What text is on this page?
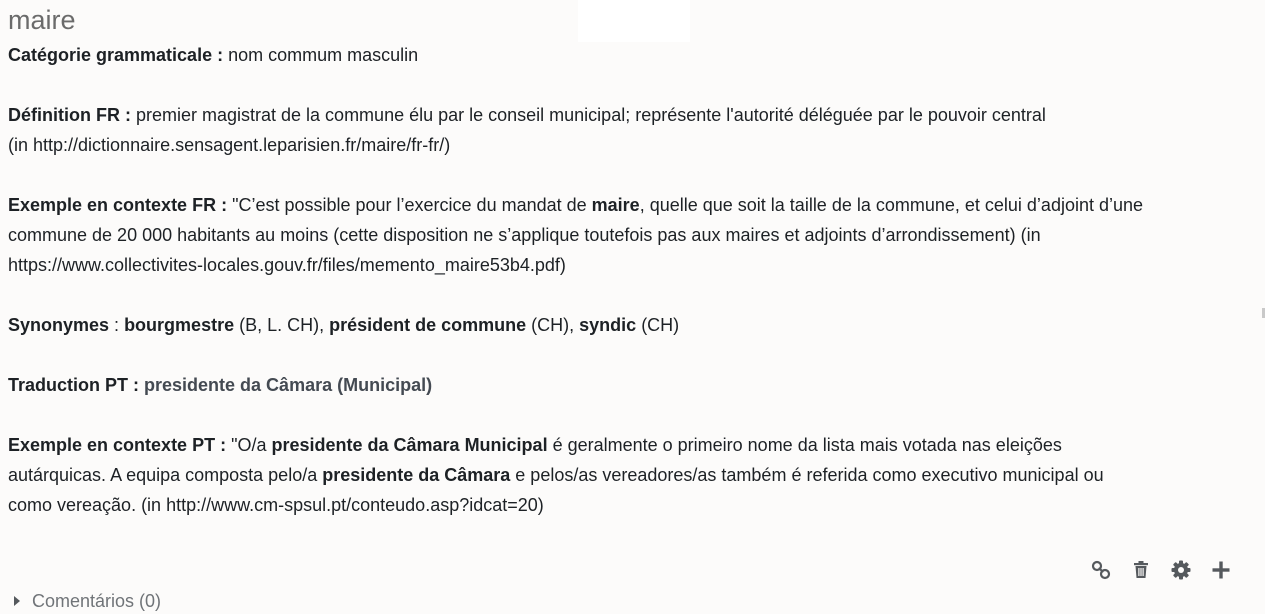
maire

Catégorie grammaticale : nom commum masculin

Définition FR : premier magistrat de la commune élu par le conseil municipal; représente l'autorité déléguée par le pouvoir central

(in http://dictionnaire.sensagent.leparisien.fr/maire/fr-fr/)

Exemple en contexte FR : "C’est possible pour l’exercice du mandat de maire, quelle que soit la taille de la commune, et celui d’adjoint d’une

commune de 20 000 habitants au moins (cette disposition ne s’applique toutefois pas aux maires et adjoints d’arrondissement) (in

https://www.collectivites-locales.gouv.fr/files/memento_maire53b4.pdf)

Synonymes : bourgmestre (B, L. CH), président de commune (CH), syndic (CH)

Traduction PT : presidente da Câmara (Municipal)

Exemple en contexte PT : "O/a presidente da Câmara Municipal é geralmente o primeiro nome da lista mais votada nas eleições

autárquicas. A equipa composta pelo/a presidente da Câmara e pelos/as vereadores/as também é referida como executivo municipal ou

como vereação. (in http://www.cm-spsul.pt/conteudo.asp?idcat=20)

Comentários (0)
